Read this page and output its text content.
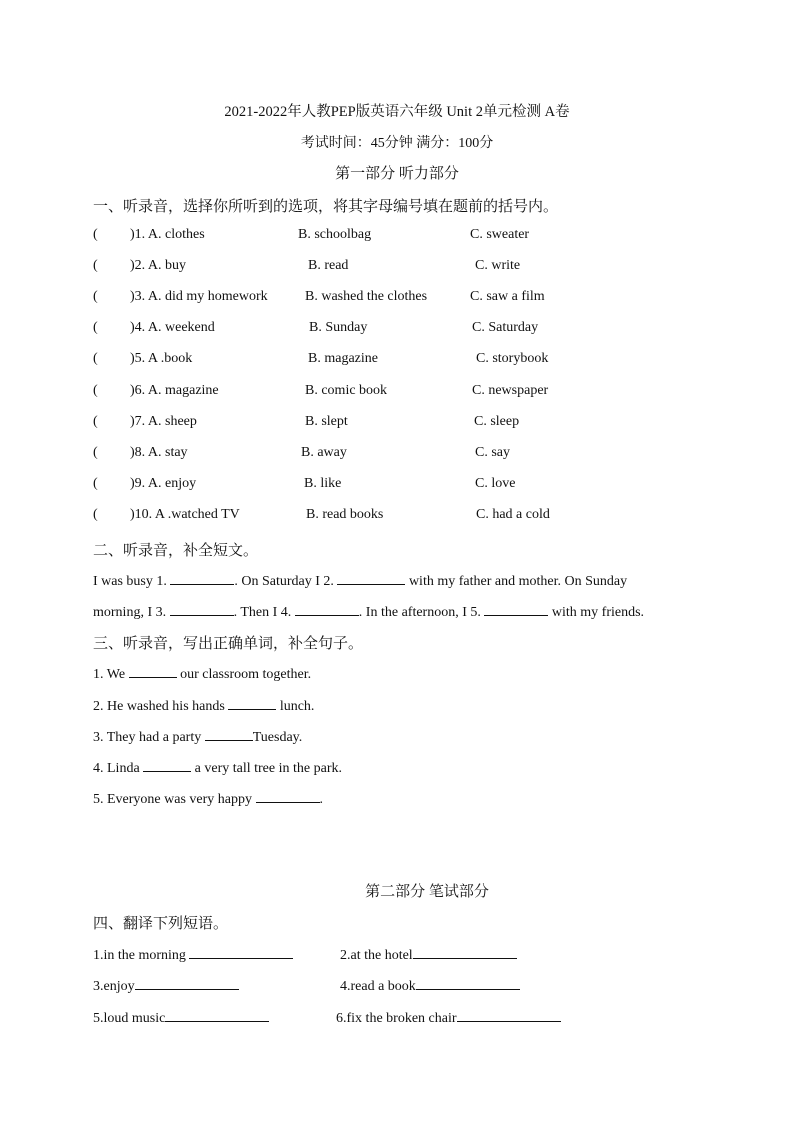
2021-2022年人教PEP版英语六年级 Unit 2单元检测 A卷
考试时间：45分钟 满分：100分
第一部分 听力部分
一、听录音，选择你所听到的选项，将其字母编号填在题前的括号内。
( )1. A. clothes	B. schoolbag	C. sweater
( )2. A. buy	B. read	C. write
( )3. A. did my homework	B. washed the clothes	C. saw a film
( )4. A. weekend	B. Sunday	C. Saturday
( )5. A .book	B. magazine	C. storybook
( )6. A. magazine	B. comic book	C. newspaper
( )7. A. sheep	B. slept	C. sleep
( )8. A. stay	B. away	C. say
( )9. A. enjoy	B. like	C. love
( )10. A .watched TV	B. read books	C. had a cold
二、听录音，补全短文。
I was busy 1.	. On Saturday I 2.	with my father and mother. On Sunday
morning, I 3.	. Then I 4.	. In the afternoon, I 5.	with my friends.
三、听录音，写出正确单词，补全句子。
1. We	our classroom together.
2. He washed his hands	lunch.
3. They had a party	Tuesday.
4. Linda	a very tall tree in the park.
5. Everyone was very happy	.
第二部分 笔试部分
四、翻译下列短语。
1.in the morning	2.at the hotel
3.enjoy	4.read a book
5.loud music	6.fix the broken chair
